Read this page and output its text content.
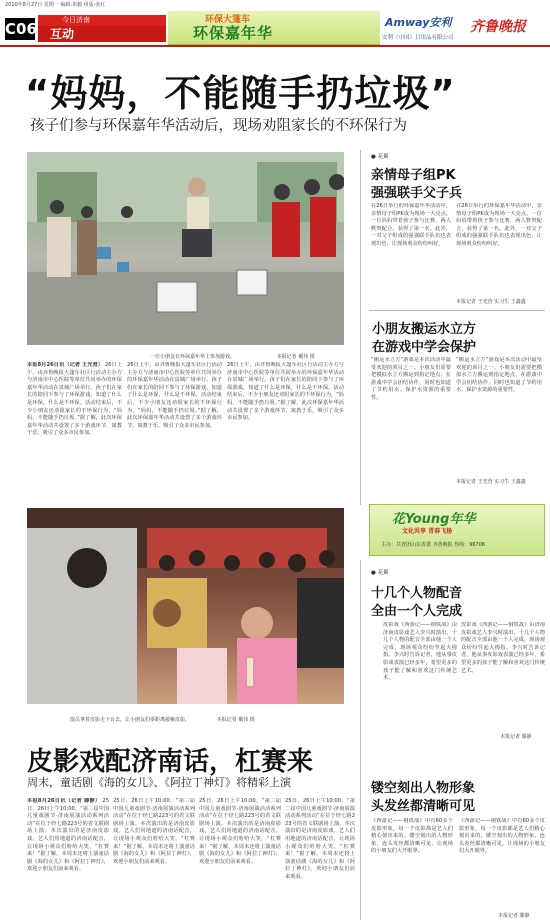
2010年8月27日 星期一 编辑:单毅 组版:张红
C06	今日济南
互动
环保大篷车
环保嘉年华
Amway安利
安利（中国）日用品有限公司
齐鲁晚报
“妈妈，不能随手扔垃圾”
孩子们参与环保嘉年华活动后，现场劝阻家长的不环保行为
一位小朋友在环保嘉年华上参加游戏。	本报记者 戴伟 摄
本报8月26日讯（记者 王光营） 26日上午，由齐鲁晚报大篷车社区行活动主办方与济南市中心医院等单位共同举办的环保嘉年华活动在泉城广场举行。孩子们在家长的陪同下参与了环保游戏，知道了什么是环保，什么是不环保。活动结束后，不少小朋友还劝阻家长的不环保行为，“妈妈，不能随手扔垃圾。”据了解，此次环保嘉年华活动共设置了多个游戏环节，寓教于乐，吸引了众多市民参加。
26日上午，由齐鲁晚报大篷车社区行活动主办方与济南市中心医院等单位共同举办的环保嘉年华活动在泉城广场举行。孩子们在家长的陪同下参与了环保游戏，知道了什么是环保，什么是不环保。活动结束后，不少小朋友还劝阻家长的不环保行为，“妈妈，不能随手扔垃圾。”据了解，此次环保嘉年华活动共设置了多个游戏环节，寓教于乐，吸引了众多市民参加。
26日上午，由齐鲁晚报大篷车社区行活动主办方与济南市中心医院等单位共同举办的环保嘉年华活动在泉城广场举行。孩子们在家长的陪同下参与了环保游戏，知道了什么是环保，什么是不环保。活动结束后，不少小朋友还劝阻家长的不环保行为，“妈妈，不能随手扔垃圾。”据了解，此次环保嘉年华活动共设置了多个游戏环节，寓教于乐，吸引了众多市民参加。
● 花絮
亲情母子组PK
强强联手父子兵
在26日举行的环保嘉年华活动中，亲情母子组PK成为现场一大亮点。一位妈妈带着孩子参与比赛，两人默契配合，获得了第一名。此外，一对父子组成的强强联手队伍也表现出色，让现场观众纷纷叫好。
在26日举行的环保嘉年华活动中，亲情母子组PK成为现场一大亮点。一位妈妈带着孩子参与比赛，两人默契配合，获得了第一名。此外，一对父子组成的强强联手队伍也表现出色，让现场观众纷纷叫好。
本报记者 王光营 实习生 王鑫鑫
小朋友搬运水立方
在游戏中学会保护
“搬运水立方”游戏是本次活动中最受欢迎的项目之一。小朋友们需要把模拟水立方搬运到指定地点，在游戏中学会团结协作，同时也知道了节约用水、保护水资源的重要性。
“搬运水立方”游戏是本次活动中最受欢迎的项目之一。小朋友们需要把模拟水立方搬运到指定地点，在游戏中学会团结协作，同时也知道了节约用水、保护水资源的重要性。
本报记者 王光营 实习生 王鑫鑫
花Young年华
文化共享 青春飞扬
主办：共青团山东省委 齐鲁晚报 热线：96706
● 花絮
十几个人物配音
全由一个人完成
皮影戏《西游记——钢铁战》由济南皮影戏艺人李兴时演出，十几个人物的配音全部由他一个人完成，现场观众纷纷竖起大拇指。李兴时告诉记者，他从事皮影戏表演已经多年，希望更多的孩子能了解和喜欢这门传统艺术。
皮影戏《西游记——钢铁战》由济南皮影戏艺人李兴时演出，十几个人物的配音全部由他一个人完成，现场观众纷纷竖起大拇指。李兴时告诉记者，他从事皮影戏表演已经多年，希望更多的孩子能了解和喜欢这门传统艺术。
本报记者 滕静
演员拿着皮影走下台去，让小朋友们零距离接触皮影。	本报记者 戴伟 摄
皮影戏配济南话，杠赛来
周末，童话剧《海的女儿》、《阿拉丁神灯》将精彩上演
本报8月26日讯（记者 滕静） 25日、26日上午10:00，“第二届中国儿童戏剧节·济南展演活动系列活动”在位于经七路223号的省文联剧场上演。本次演出的是济南皮影戏，艺人们用地道的济南话配音，让现场小观众们哈哈大笑，“杠赛来！”据了解，本周末还将上演童话剧《海的女儿》和《阿拉丁神灯》，欢迎小朋友们前来观看。
25日、26日上午10:00，“第二届中国儿童戏剧节·济南展演活动系列活动”在位于经七路223号的省文联剧场上演。本次演出的是济南皮影戏，艺人们用地道的济南话配音，让现场小观众们哈哈大笑，“杠赛来！”据了解，本周末还将上演童话剧《海的女儿》和《阿拉丁神灯》，欢迎小朋友们前来观看。
25日、26日上午10:00，“第二届中国儿童戏剧节·济南展演活动系列活动”在位于经七路223号的省文联剧场上演。本次演出的是济南皮影戏，艺人们用地道的济南话配音，让现场小观众们哈哈大笑，“杠赛来！”据了解，本周末还将上演童话剧《海的女儿》和《阿拉丁神灯》，欢迎小朋友们前来观看。
25日、26日上午10:00，“第二届中国儿童戏剧节·济南展演活动系列活动”在位于经七路223号的省文联剧场上演。本次演出的是济南皮影戏，艺人们用地道的济南话配音，让现场小观众们哈哈大笑，“杠赛来！”据了解，本周末还将上演童话剧《海的女儿》和《阿拉丁神灯》，欢迎小朋友们前来观看。
镂空刻出人物形象
头发丝都清晰可见
《西游记——钢铁战》中有60多个皮影形象，每一个皮影都是艺人们精心刻出来的。镂空刻出的人物形象，连头发丝都清晰可见，让现场的小朋友们大开眼界。
《西游记——钢铁战》中有60多个皮影形象，每一个皮影都是艺人们精心刻出来的。镂空刻出的人物形象，连头发丝都清晰可见，让现场的小朋友们大开眼界。
本报记者 滕静
